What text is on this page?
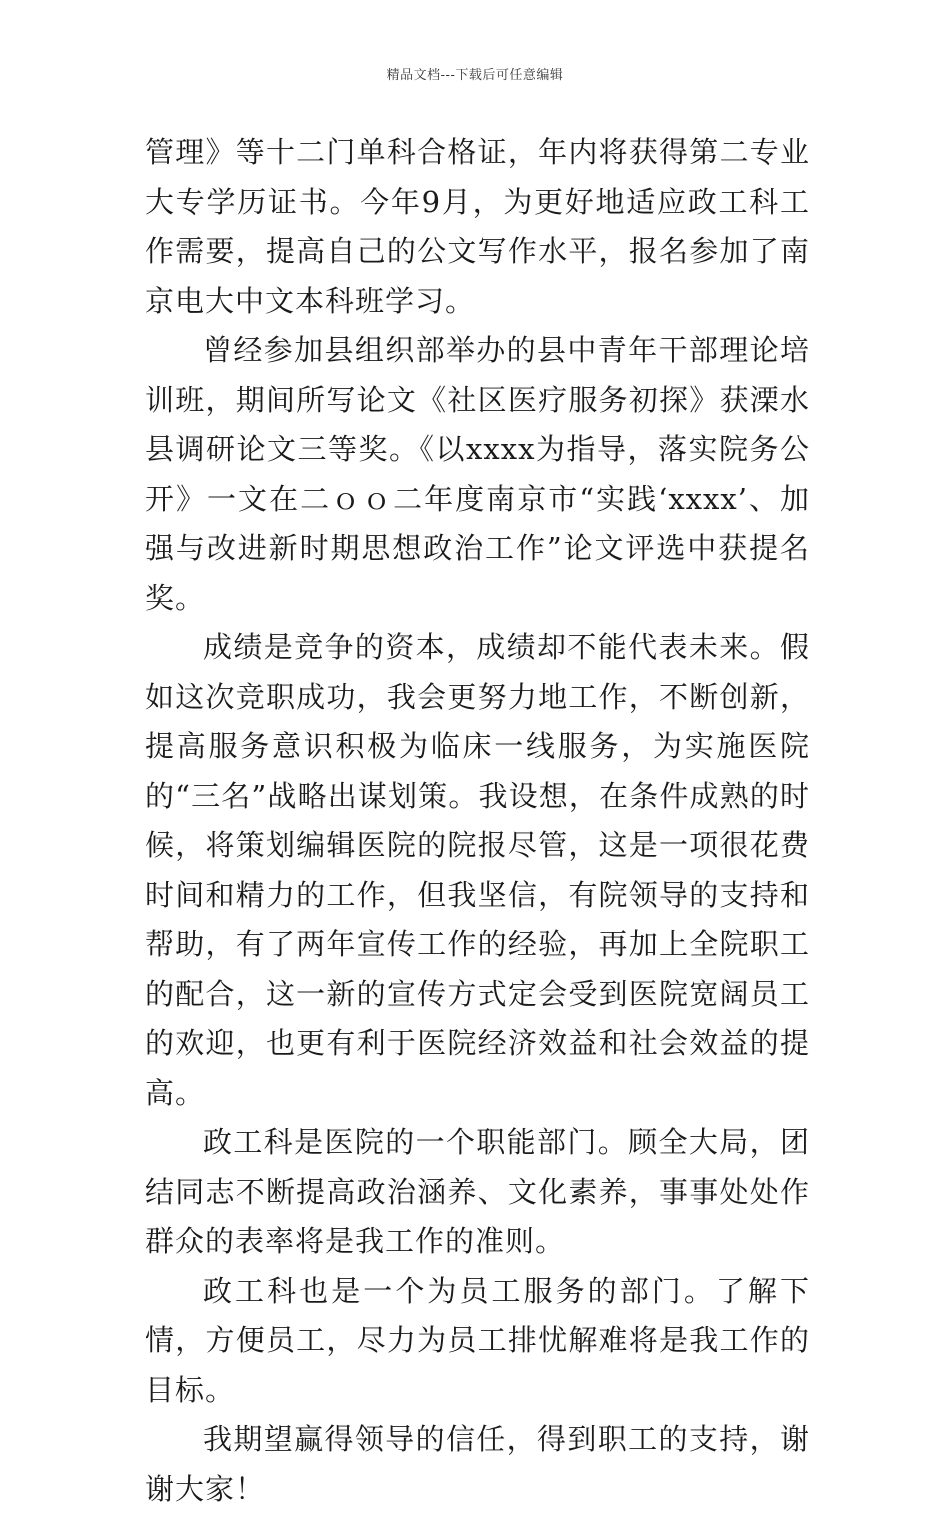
精品文档---下载后可任意编辑

管理》等十二门单科合格证，年内将获得第二专业大专学历证书。今年9月，为更好地适应政工科工作需要，提高自己的公文写作水平，报名参加了南京电大中文本科班学习。

曾经参加县组织部举办的县中青年干部理论培训班，期间所写论文《社区医疗服务初探》获溧水县调研论文三等奖。《以xxxx为指导，落实院务公开》一文在二ｏｏ二年度南京市“实践‘xxxx’、加强与改进新时期思想政治工作”论文评选中获提名奖。

成绩是竞争的资本，成绩却不能代表未来。假如这次竞职成功，我会更努力地工作，不断创新，提高服务意识积极为临床一线服务，为实施医院的“三名”战略出谋划策。我设想，在条件成熟的时候，将策划编辑医院的院报尽管，这是一项很花费时间和精力的工作，但我坚信，有院领导的支持和帮助，有了两年宣传工作的经验，再加上全院职工的配合，这一新的宣传方式定会受到医院宽阔员工的欢迎，也更有利于医院经济效益和社会效益的提高。

政工科是医院的一个职能部门。顾全大局，团结同志不断提高政治涵养、文化素养，事事处处作群众的表率将是我工作的准则。

政工科也是一个为员工服务的部门。了解下情，方便员工，尽力为员工排忧解难将是我工作的目标。

我期望赢得领导的信任，得到职工的支持，谢谢大家！
